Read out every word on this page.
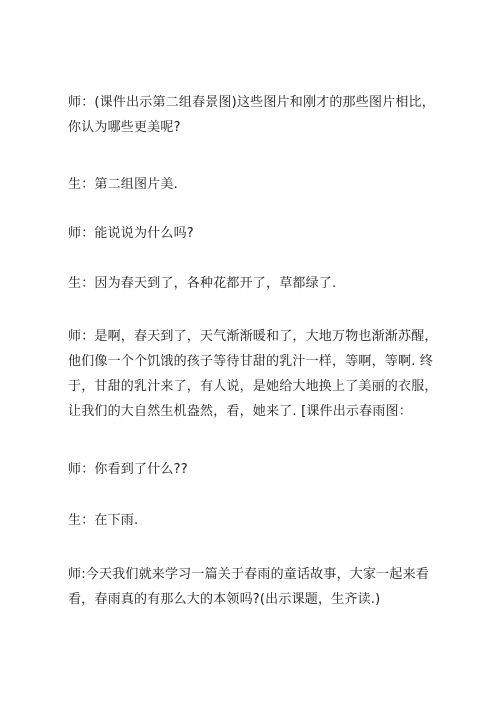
师：(课件出示第二组春景图)这些图片和刚才的那些图片相比，
你认为哪些更美呢?
生：第二组图片美.
师：能说说为什么吗?
生：因为春天到了，各种花都开了，草都绿了.
师：是啊，春天到了，天气渐渐暖和了，大地万物也渐渐苏醒，
他们像一个个饥饿的孩子等待甘甜的乳汁一样，等啊，等啊. 终
于，甘甜的乳汁来了，有人说，是她给大地换上了美丽的衣服，
让我们的大自然生机盎然，看，她来了. [课件出示春雨图：
师：你看到了什么??
生：在下雨.
师:今天我们就来学习一篇关于春雨的童话故事，大家一起来看
看，春雨真的有那么大的本领吗?(出示课题，生齐读.)
